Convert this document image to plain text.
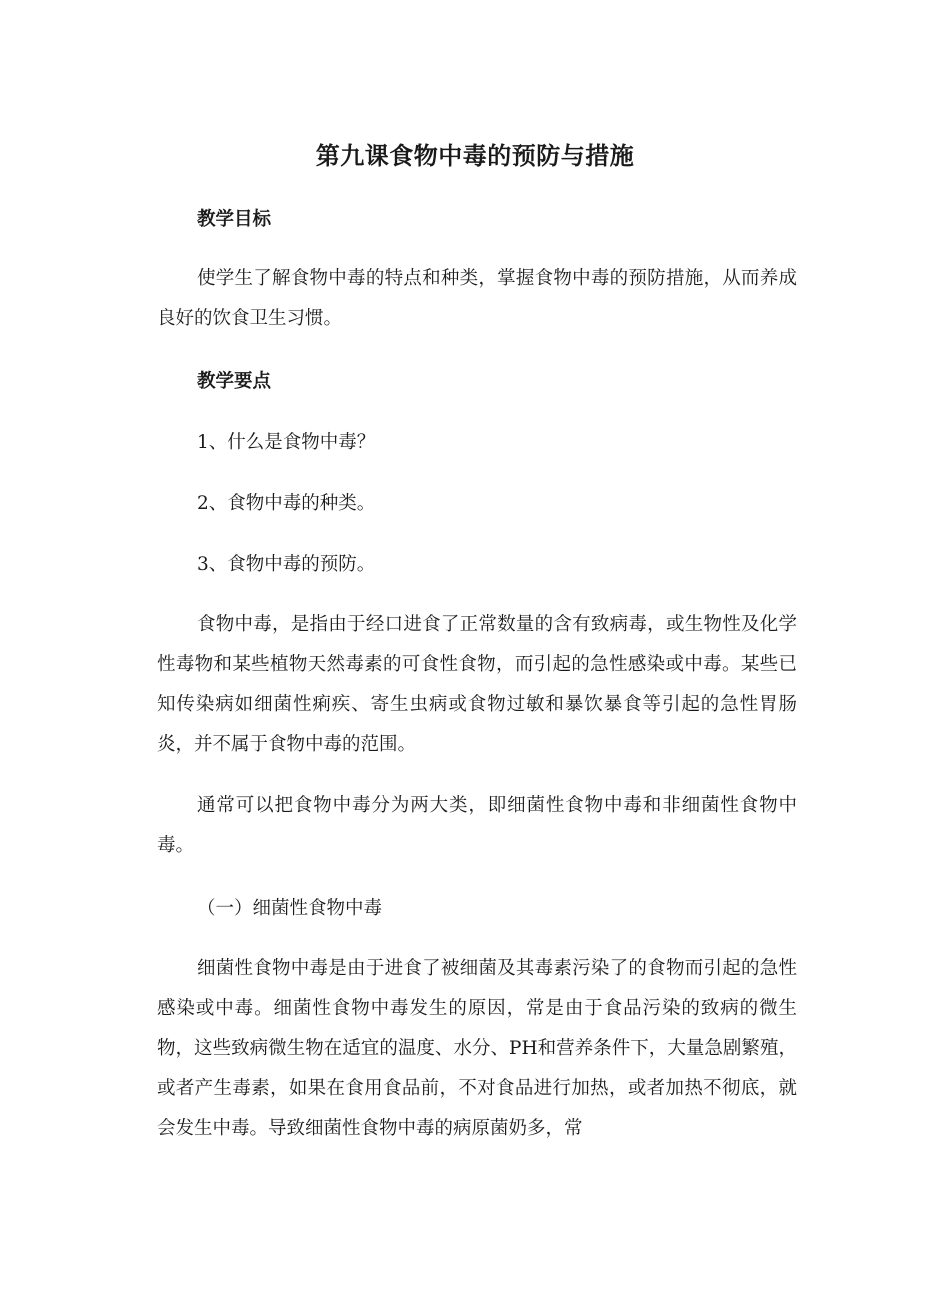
第九课食物中毒的预防与措施
教学目标

使学生了解食物中毒的特点和种类，掌握食物中毒的预防措施，从而养成良好的饮食卫生习惯。

教学要点
1、什么是食物中毒？
2、食物中毒的种类。
3、食物中毒的预防。

食物中毒，是指由于经口进食了正常数量的含有致病毒，或生物性及化学性毒物和某些植物天然毒素的可食性食物，而引起的急性感染或中毒。某些已知传染病如细菌性痢疾、寄生虫病或食物过敏和暴饮暴食等引起的急性胃肠炎，并不属于食物中毒的范围。

通常可以把食物中毒分为两大类，即细菌性食物中毒和非细菌性食物中毒。

（一）细菌性食物中毒

细菌性食物中毒是由于进食了被细菌及其毒素污染了的食物而引起的急性感染或中毒。细菌性食物中毒发生的原因，常是由于食品污染的致病的微生物，这些致病微生物在适宜的温度、水分、PH和营养条件下，大量急剧繁殖，或者产生毒素，如果在食用食品前，不对食品进行加热，或者加热不彻底，就会发生中毒。导致细菌性食物中毒的病原菌奶多，常
